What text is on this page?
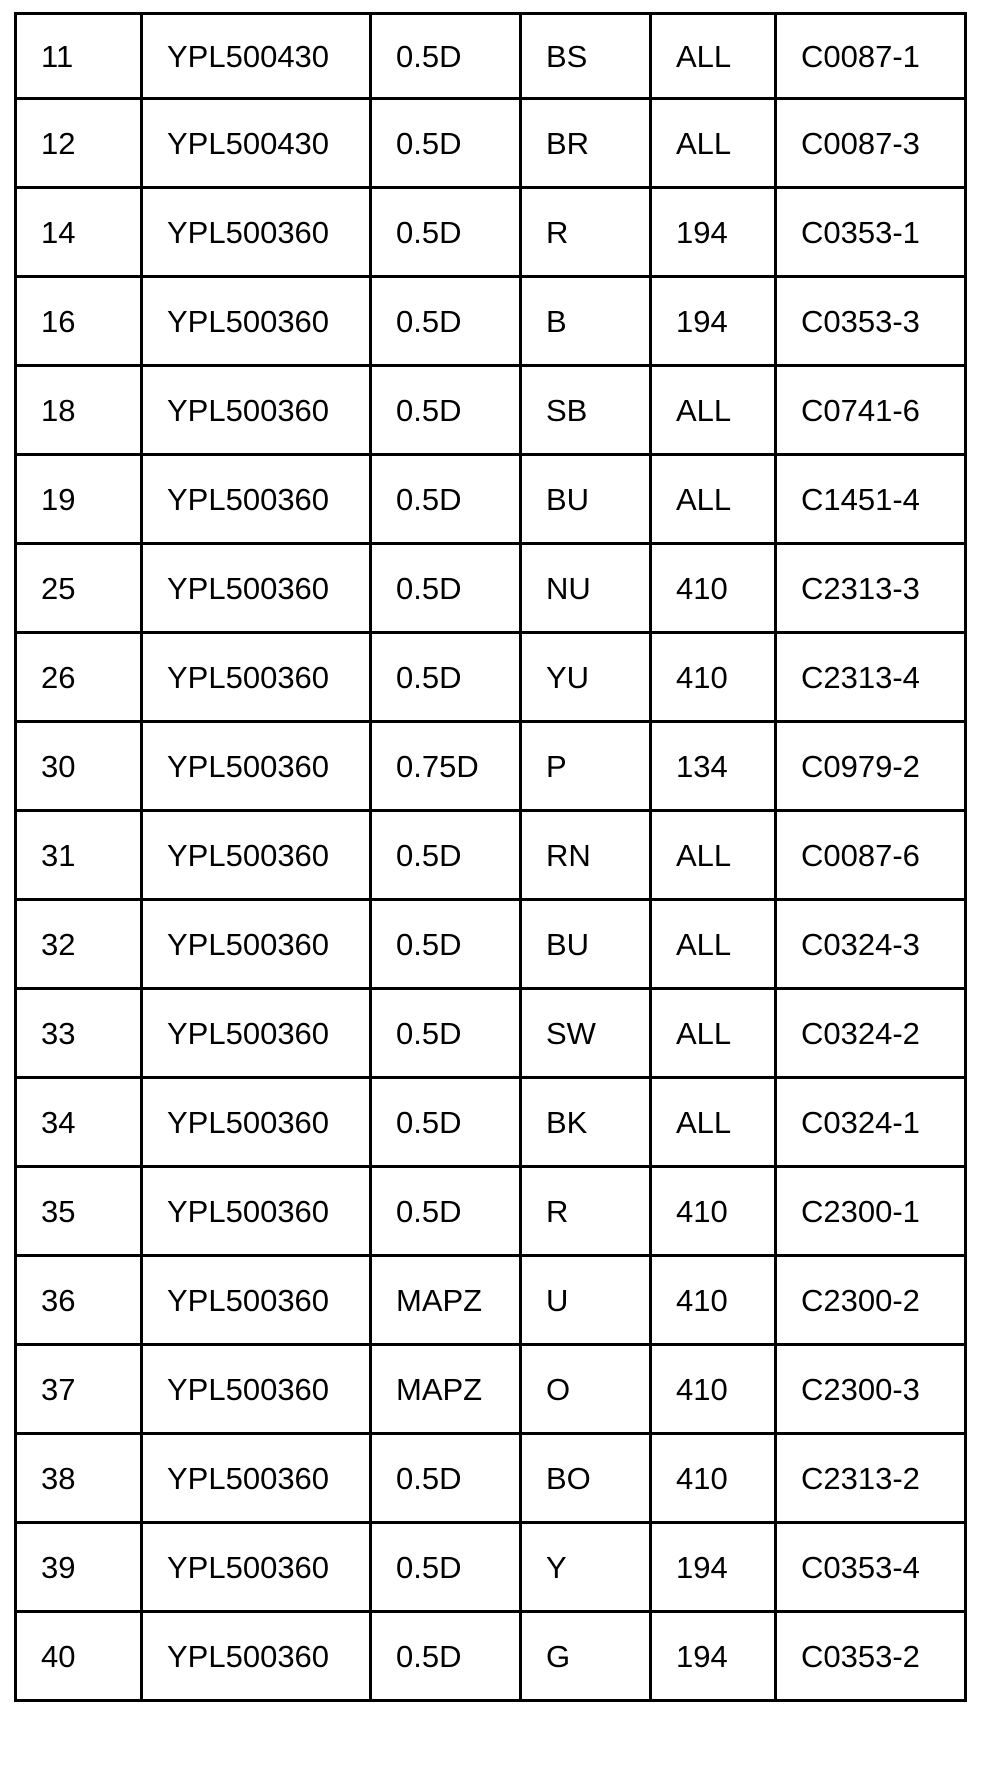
11	YPL500430	0.5D	BS	ALL	C0087-1
12	YPL500430	0.5D	BR	ALL	C0087-3
14	YPL500360	0.5D	R	194	C0353-1
16	YPL500360	0.5D	B	194	C0353-3
18	YPL500360	0.5D	SB	ALL	C0741-6
19	YPL500360	0.5D	BU	ALL	C1451-4
25	YPL500360	0.5D	NU	410	C2313-3
26	YPL500360	0.5D	YU	410	C2313-4
30	YPL500360	0.75D	P	134	C0979-2
31	YPL500360	0.5D	RN	ALL	C0087-6
32	YPL500360	0.5D	BU	ALL	C0324-3
33	YPL500360	0.5D	SW	ALL	C0324-2
34	YPL500360	0.5D	BK	ALL	C0324-1
35	YPL500360	0.5D	R	410	C2300-1
36	YPL500360	MAPZ	U	410	C2300-2
37	YPL500360	MAPZ	O	410	C2300-3
38	YPL500360	0.5D	BO	410	C2313-2
39	YPL500360	0.5D	Y	194	C0353-4
40	YPL500360	0.5D	G	194	C0353-2
